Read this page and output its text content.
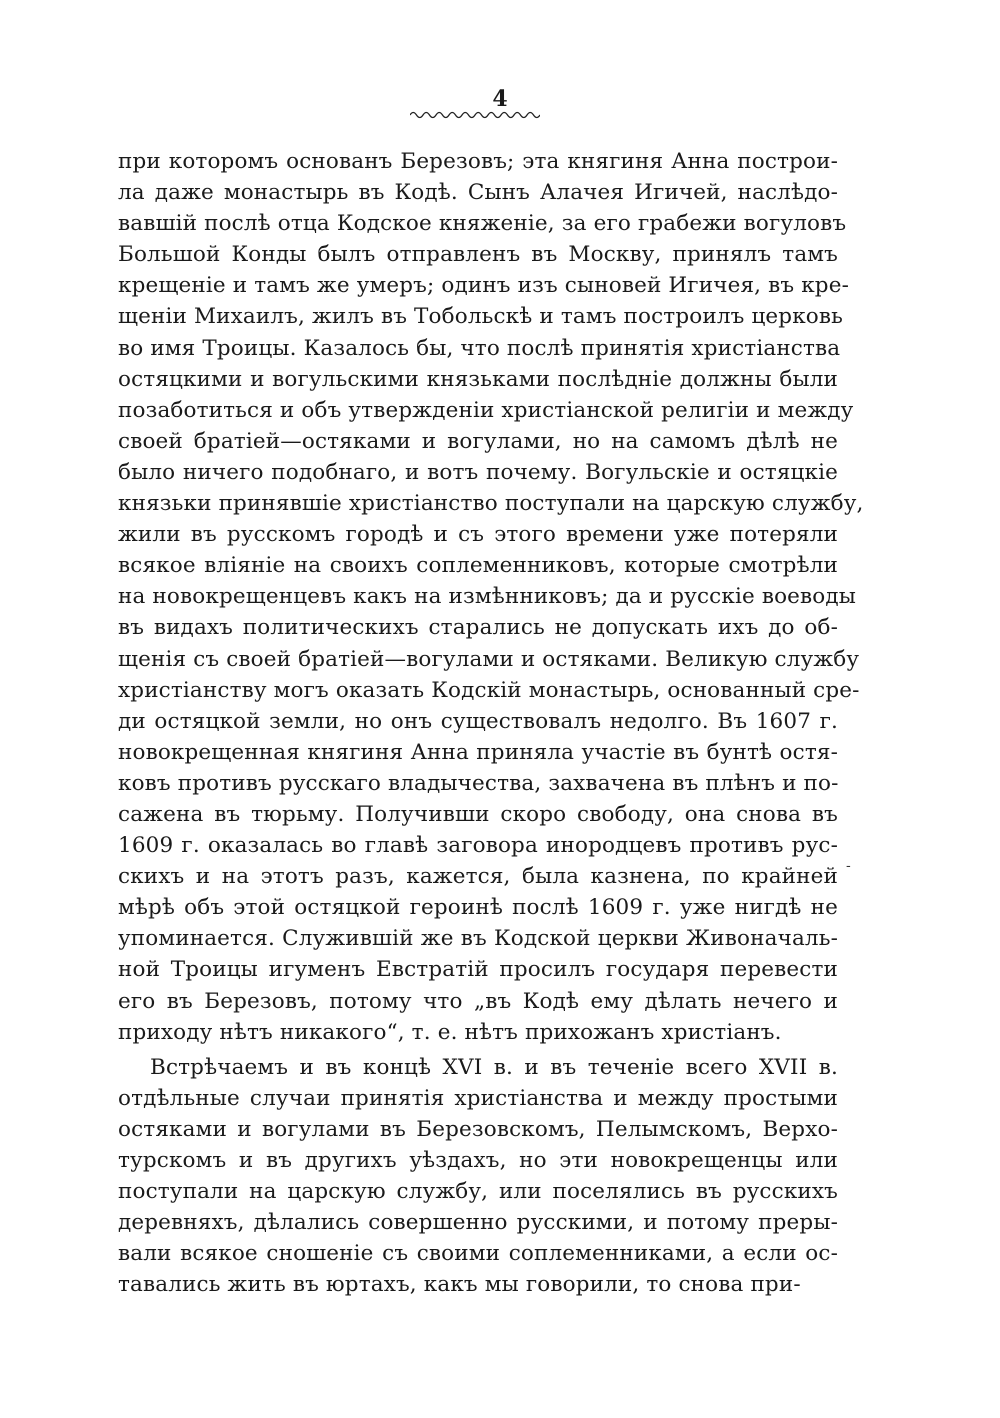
4
при которомъ основанъ Березовъ; эта княгиня Анна построи-
ла даже монастырь въ Кодѣ. Сынъ Алачея Игичей, наслѣдо-
вавшій послѣ отца Кодское княженіе, за его грабежи вогуловъ
Большой Конды былъ отправленъ въ Москву, принялъ тамъ
крещеніе и тамъ же умеръ; одинъ изъ сыновей Игичея, въ кре-
щеніи Михаилъ, жилъ въ Тобольскѣ и тамъ построилъ церковь
во имя Троицы. Казалось бы, что послѣ принятія христіанства
остяцкими и вогульскими князьками послѣдніе должны были
позаботиться и объ утвержденіи христіанской религіи и между
своей братіей—остяками и вогулами, но на самомъ дѣлѣ не
было ничего подобнаго, и вотъ почему. Вогульскіе и остяцкіе
князьки принявшіе христіанство поступали на царскую службу,
жили въ русскомъ городѣ и съ этого времени уже потеряли
всякое вліяніе на своихъ соплеменниковъ, которые смотрѣли
на новокрещенцевъ какъ на измѣнниковъ; да и русскіе воеводы
въ видахъ политическихъ старались не допускать ихъ до об-
щенія съ своей братіей—вогулами и остяками. Великую службу
христіанству могъ оказать Кодскій монастырь, основанный сре-
ди остяцкой земли, но онъ существовалъ недолго. Въ 1607 г.
новокрещенная княгиня Анна приняла участіе въ бунтѣ остя-
ковъ противъ русскаго владычества, захвачена въ плѣнъ и по-
сажена въ тюрьму. Получивши скоро свободу, она снова въ
1609 г. оказалась во главѣ заговора инородцевъ противъ рус-
скихъ и на этотъ разъ, кажется, была казнена, по крайней
мѣрѣ объ этой остяцкой героинѣ послѣ 1609 г. уже нигдѣ не
упоминается. Служившій же въ Кодской церкви Живоначаль-
ной Троицы игуменъ Евстратій просилъ государя перевести
его въ Березовъ, потому что „въ Кодѣ ему дѣлать нечего и
приходу нѣтъ никакого“, т. е. нѣтъ прихожанъ христіанъ.
Встрѣчаемъ и въ концѣ XVI в. и въ теченіе всего XVII в.
отдѣльные случаи принятія христіанства и между простыми
остяками и вогулами въ Березовскомъ, Пелымскомъ, Верхо-
турскомъ и въ другихъ уѣздахъ, но эти новокрещенцы или
поступали на царскую службу, или поселялись въ русскихъ
деревняхъ, дѣлались совершенно русскими, и потому преры-
вали всякое сношеніе съ своими соплеменниками, а если ос-
тавались жить въ юртахъ, какъ мы говорили, то снова при-
-
